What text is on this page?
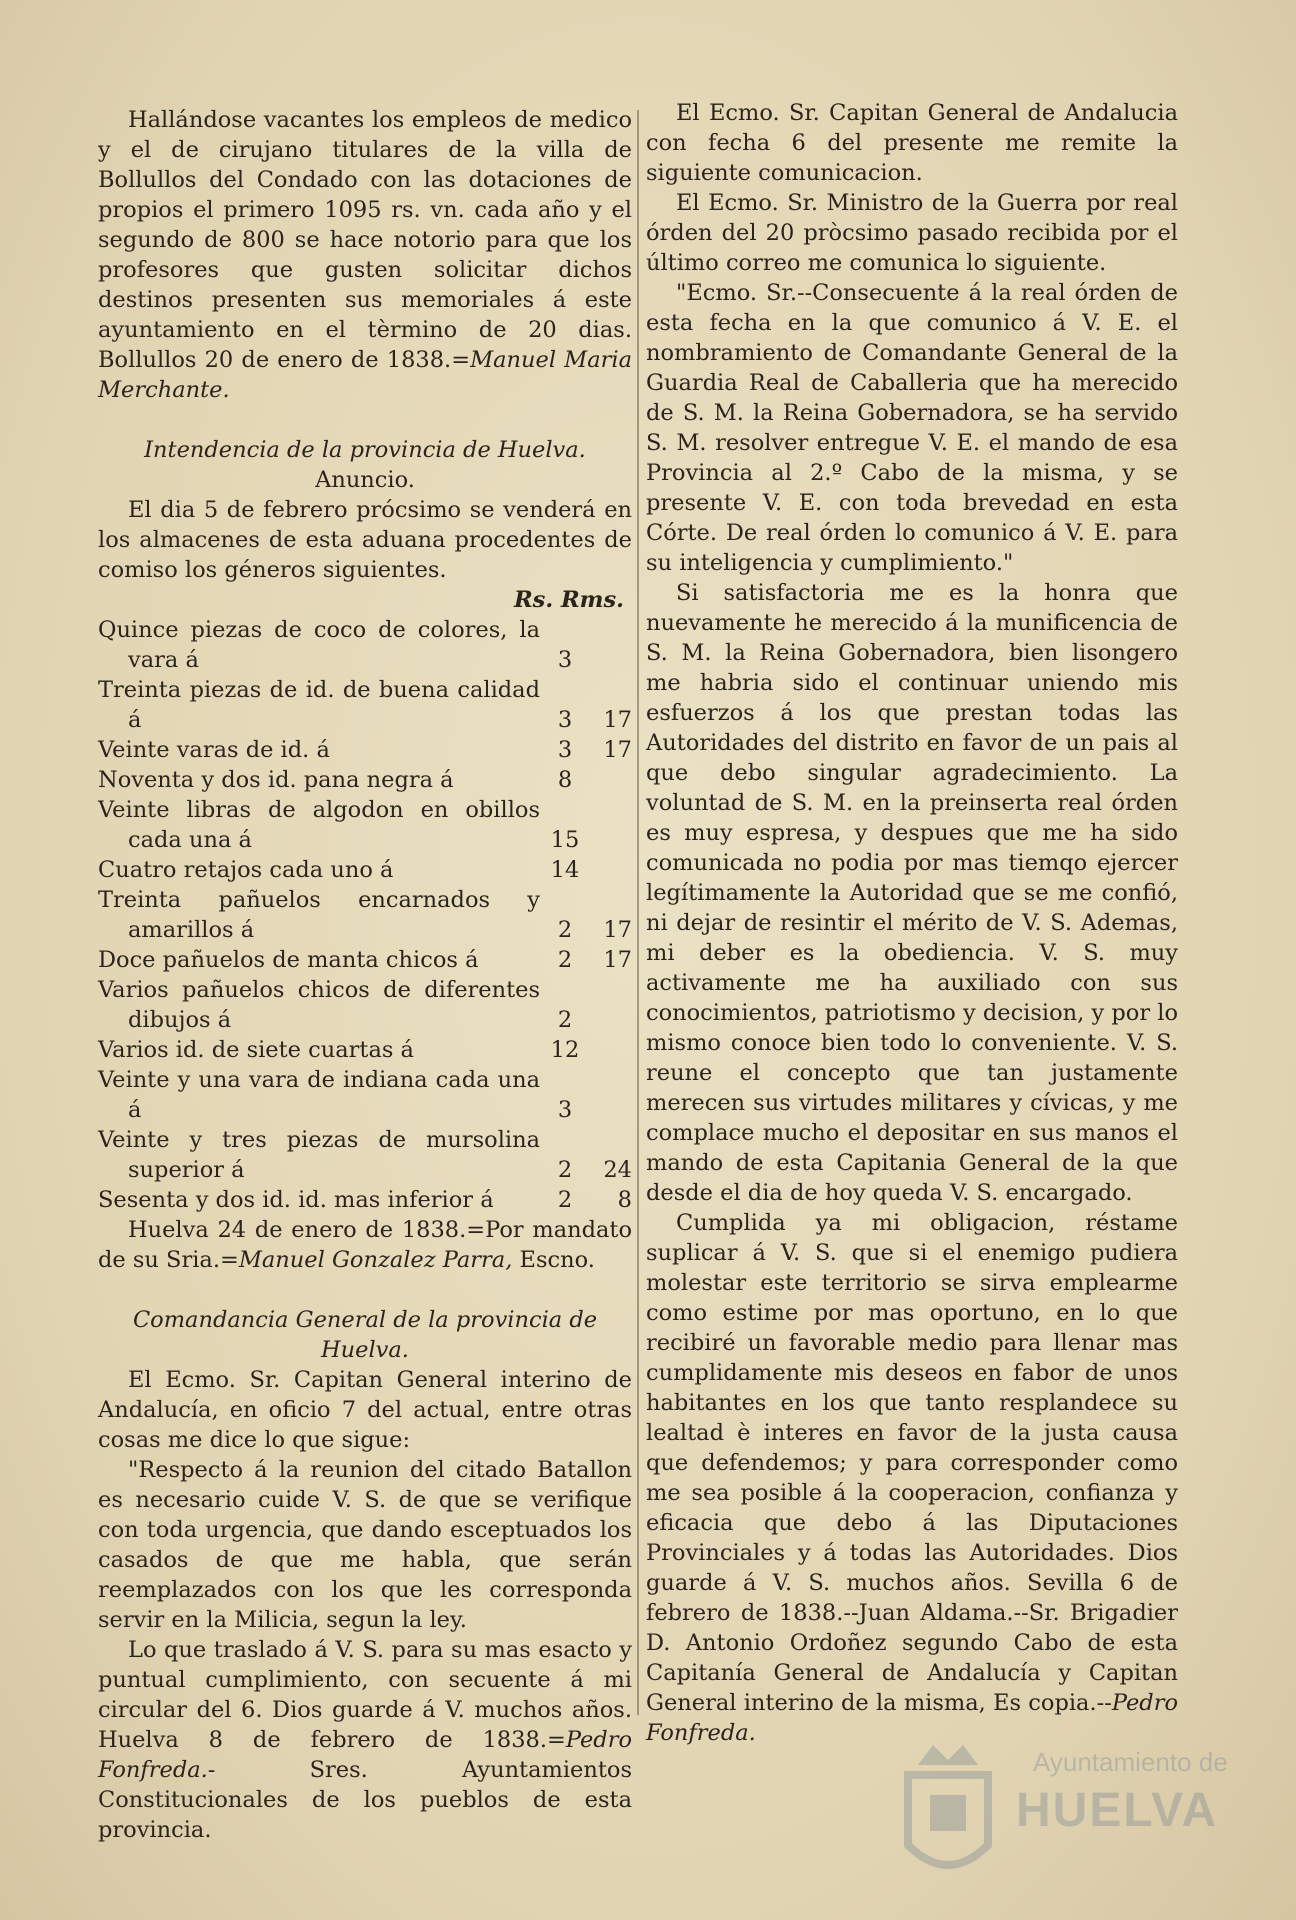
Hallándose vacantes los empleos de medico y el de cirujano titulares de la villa de Bollullos del Condado con las dotaciones de propios el primero 1095 rs. vn. cada año y el segundo de 800 se hace notorio para que los profesores que gusten solicitar dichos destinos presenten sus memoriales á este ayuntamiento en el tèrmino de 20 dias. Bollullos 20 de enero de 1838.=Manuel Maria Merchante.

Intendencia de la provincia de Huelva.

Anuncio.

El dia 5 de febrero prócsimo se venderá en los almacenes de esta aduana procedentes de comiso los géneros siguientes.

Rs. Rms.

Quince piezas de coco de colores, la vara á	3	
Treinta piezas de id. de buena calidad á	3	17
Veinte varas de id. á	3	17
Noventa y dos id. pana negra á	8	
Veinte libras de algodon en obillos cada una á	15	
Cuatro retajos cada uno á	14	
Treinta pañuelos encarnados y amarillos á	2	17
Doce pañuelos de manta chicos á	2	17
Varios pañuelos chicos de diferentes dibujos á	2	
Varios id. de siete cuartas á	12	
Veinte y una vara de indiana cada una á	3	
Veinte y tres piezas de mursolina superior á	2	24
Sesenta y dos id. id. mas inferior á	2	8

Huelva 24 de enero de 1838.=Por mandato de su Sria.=Manuel Gonzalez Parra, Escno.

Comandancia General de la provincia de Huelva.

El Ecmo. Sr. Capitan General interino de Andalucía, en oficio 7 del actual, entre otras cosas me dice lo que sigue:

"Respecto á la reunion del citado Batallon es necesario cuide V. S. de que se verifique con toda urgencia, que dando esceptuados los casados de que me habla, que serán reemplazados con los que les corresponda servir en la Milicia, segun la ley.

Lo que traslado á V. S. para su mas esacto y puntual cumplimiento, con secuente á mi circular del 6. Dios guarde á V. muchos años. Huelva 8 de febrero de 1838.=Pedro Fonfreda.- Sres. Ayuntamientos Constitucionales de los pueblos de esta provincia.

El Ecmo. Sr. Capitan General de Andalucia con fecha 6 del presente me remite la siguiente comunicacion.

El Ecmo. Sr. Ministro de la Guerra por real órden del 20 pròcsimo pasado recibida por el último correo me comunica lo siguiente.

"Ecmo. Sr.--Consecuente á la real órden de esta fecha en la que comunico á V. E. el nombramiento de Comandante General de la Guardia Real de Caballeria que ha merecido de S. M. la Reina Gobernadora, se ha servido S. M. resolver entregue V. E. el mando de esa Provincia al 2.º Cabo de la misma, y se presente V. E. con toda brevedad en esta Córte. De real órden lo comunico á V. E. para su inteligencia y cumplimiento."

Si satisfactoria me es la honra que nuevamente he merecido á la munificencia de S. M. la Reina Gobernadora, bien lisongero me habria sido el continuar uniendo mis esfuerzos á los que prestan todas las Autoridades del distrito en favor de un pais al que debo singular agradecimiento. La voluntad de S. M. en la preinserta real órden es muy espresa, y despues que me ha sido comunicada no podia por mas tiemqo ejercer legítimamente la Autoridad que se me confió, ni dejar de resintir el mérito de V. S. Ademas, mi deber es la obediencia. V. S. muy activamente me ha auxiliado con sus conocimientos, patriotismo y decision, y por lo mismo conoce bien todo lo conveniente. V. S. reune el concepto que tan justamente merecen sus virtudes militares y cívicas, y me complace mucho el depositar en sus manos el mando de esta Capitania General de la que desde el dia de hoy queda V. S. encargado.

Cumplida ya mi obligacion, réstame suplicar á V. S. que si el enemigo pudiera molestar este territorio se sirva emplearme como estime por mas oportuno, en lo que recibiré un favorable medio para llenar mas cumplidamente mis deseos en fabor de unos habitantes en los que tanto resplandece su lealtad è interes en favor de la justa causa que defendemos; y para corresponder como me sea posible á la cooperacion, confianza y eficacia que debo á las Diputaciones Provinciales y á todas las Autoridades. Dios guarde á V. S. muchos años. Sevilla 6 de febrero de 1838.--Juan Aldama.--Sr. Brigadier D. Antonio Ordoñez segundo Cabo de esta Capitanía General de Andalucía y Capitan General interino de la misma, Es copia.--Pedro Fonfreda.

Ayuntamiento de
HUELVA
